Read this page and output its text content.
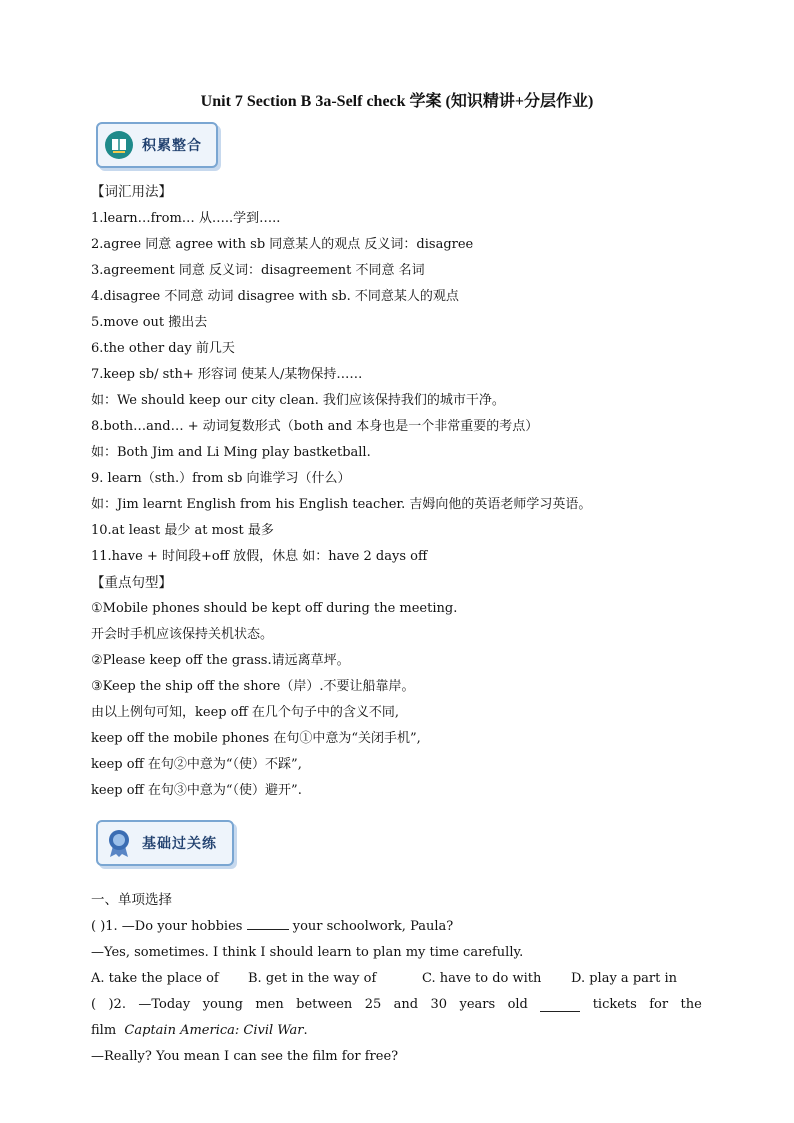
Unit 7 Section B 3a-Self check 学案 (知识精讲+分层作业)
积累整合
【词汇用法】
1.learn…from… 从…..学到…..
2.agree 同意 agree with sb 同意某人的观点 反义词：disagree
3.agreement 同意 反义词：disagreement 不同意 名词
4.disagree 不同意 动词 disagree with sb. 不同意某人的观点
5.move out 搬出去
6.the other day 前几天
7.keep sb/ sth+ 形容词 使某人/某物保持……
如：We should keep our city clean. 我们应该保持我们的城市干净。
8.both…and… + 动词复数形式（both and 本身也是一个非常重要的考点）
如：Both Jim and Li Ming play bastketball.
9. learn（sth.）from sb 向谁学习（什么）
如：Jim learnt English from his English teacher. 吉姆向他的英语老师学习英语。
10.at least 最少 at most 最多
11.have + 时间段+off 放假，休息 如：have 2 days off
【重点句型】
①Mobile phones should be kept off during the meeting.
开会时手机应该保持关机状态。
②Please keep off the grass.请远离草坪。
③Keep the ship off the shore（岸）.不要让船靠岸。
由以上例句可知，keep off 在几个句子中的含义不同,
keep off the mobile phones 在句①中意为“关闭手机”,
keep off 在句②中意为“（使）不踩”,
keep off 在句③中意为“（使）避开”.
基础过关练
一、单项选择
( )1. —Do your hobbies	your schoolwork, Paula?
—Yes, sometimes. I think I should learn to plan my time carefully.
A. take the place of B. get in the way of	C. have to do with D. play a part in
( )2. —Today young men between 25 and 30 years old	tickets for the
film Captain America: Civil War.
—Really? You mean I can see the film for free?
